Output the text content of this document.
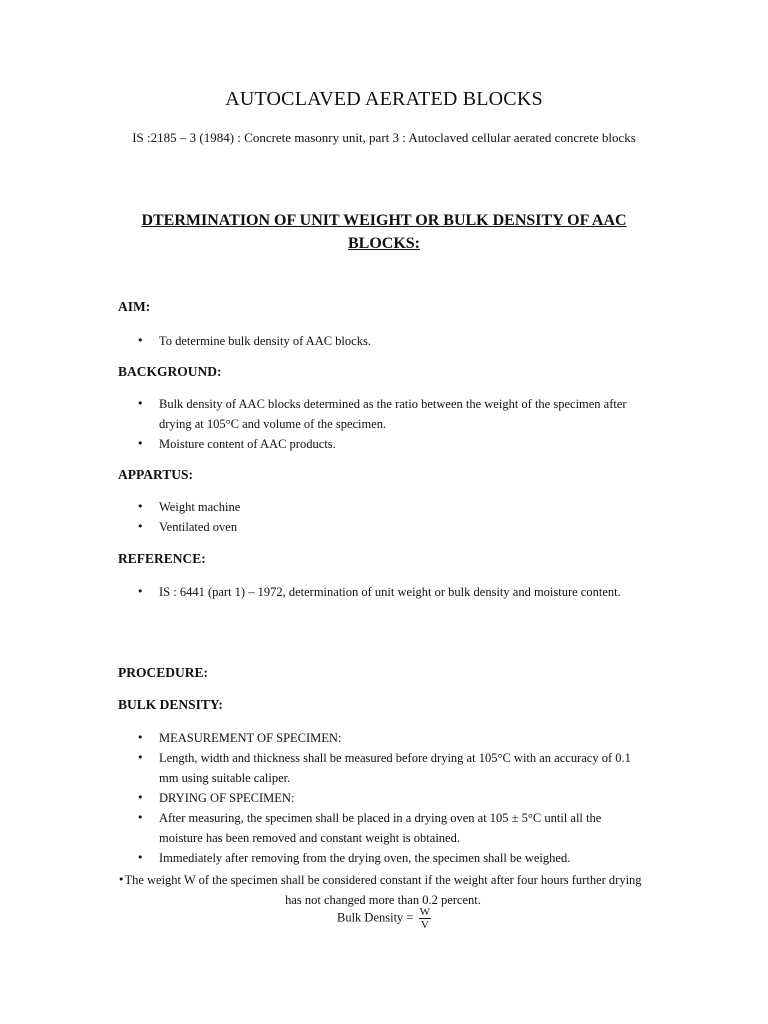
AUTOCLAVED AERATED BLOCKS
IS :2185 – 3 (1984) : Concrete masonry unit, part 3 : Autoclaved cellular aerated concrete blocks
DTERMINATION OF UNIT WEIGHT OR BULK DENSITY OF AAC BLOCKS:
AIM:
• To determine bulk density of AAC blocks.
BACKGROUND:
• Bulk density of AAC blocks determined as the ratio between the weight of the specimen after drying at 105°C and volume of the specimen.
• Moisture content of AAC products.
APPARTUS:
• Weight machine
• Ventilated oven
REFERENCE:
• IS : 6441 (part 1) – 1972, determination of unit weight or bulk density and moisture content.
PROCEDURE:
BULK DENSITY:
• MEASUREMENT OF SPECIMEN:
• Length, width and thickness shall be measured before drying at 105°C with an accuracy of 0.1 mm using suitable caliper.
• DRYING OF SPECIMEN:
• After measuring, the specimen shall be placed in a drying oven at 105 ± 5°C until all the moisture has been removed and constant weight is obtained.
• Immediately after removing from the drying oven, the specimen shall be weighed.
• The weight W of the specimen shall be considered constant if the weight after four hours further drying has not changed more than 0.2 percent.
Bulk Density = $\frac{W}{V}$
